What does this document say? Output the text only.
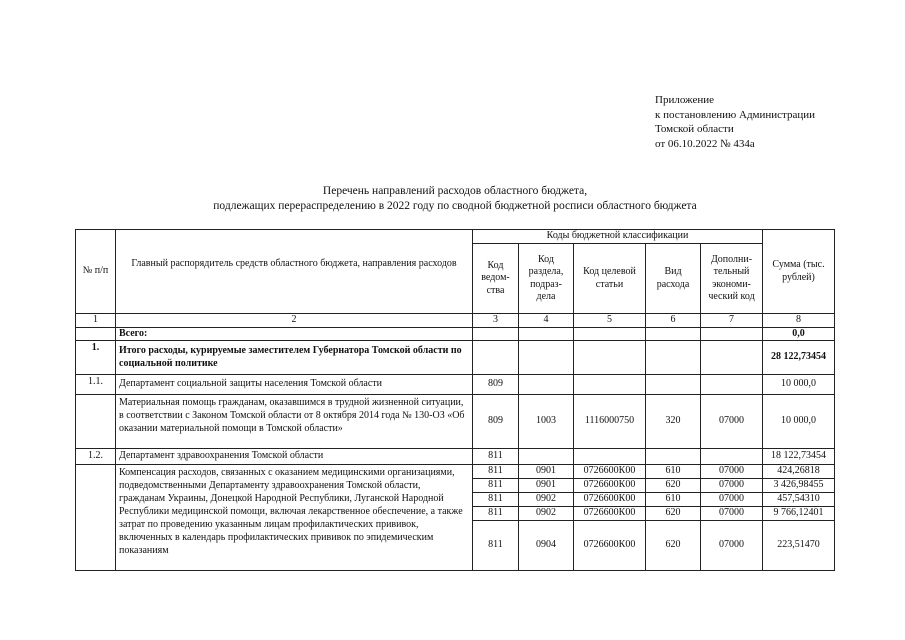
Приложение
к постановлению Администрации
Томской области
от 06.10.2022 № 434а
Перечень направлений расходов областного бюджета,
подлежащих перераспределению в 2022 году по сводной бюджетной росписи областного бюджета
№ п/п	Главный распорядитель средств областного бюджета, направления расходов	Коды бюджетной классификации					Сумма (тыс. рублей)
		Код ведом-ства	Код раздела, подраз-дела	Код целевой статьи	Вид расхода	Дополни-тельный экономи-ческий код	
1	2	3	4	5	6	7	8
	Всего:						0,0
1.	Итого расходы, курируемые заместителем Губернатора Томской области по социальной политике						28 122,73454
1.1.	Департамент социальной защиты населения Томской области	809					10 000,0
	Материальная помощь гражданам, оказавшимся в трудной жизненной ситуации, в соответствии с Законом Томской области от 8 октября 2014 года № 130-ОЗ «Об оказании материальной помощи в Томской области»	809	1003	1116000750	320	07000	10 000,0
1.2.	Департамент здравоохранения Томской области	811					18 122,73454
	Компенсация расходов, связанных с оказанием медицинскими организациями, подведомственными Департаменту здравоохранения Томской области, гражданам Украины, Донецкой Народной Республики, Луганской Народной Республики медицинской помощи, включая лекарственное обеспечение, а также затрат по проведению указанным лицам профилактических прививок, включенных в календарь профилактических прививок по эпидемическим показаниям	811	0901	0726600К00	610	07000	424,26818
		811	0901	0726600К00	620	07000	3 426,98455
		811	0902	0726600К00	610	07000	457,54310
		811	0902	0726600К00	620	07000	9 766,12401
		811	0904	0726600К00	620	07000	223,51470
